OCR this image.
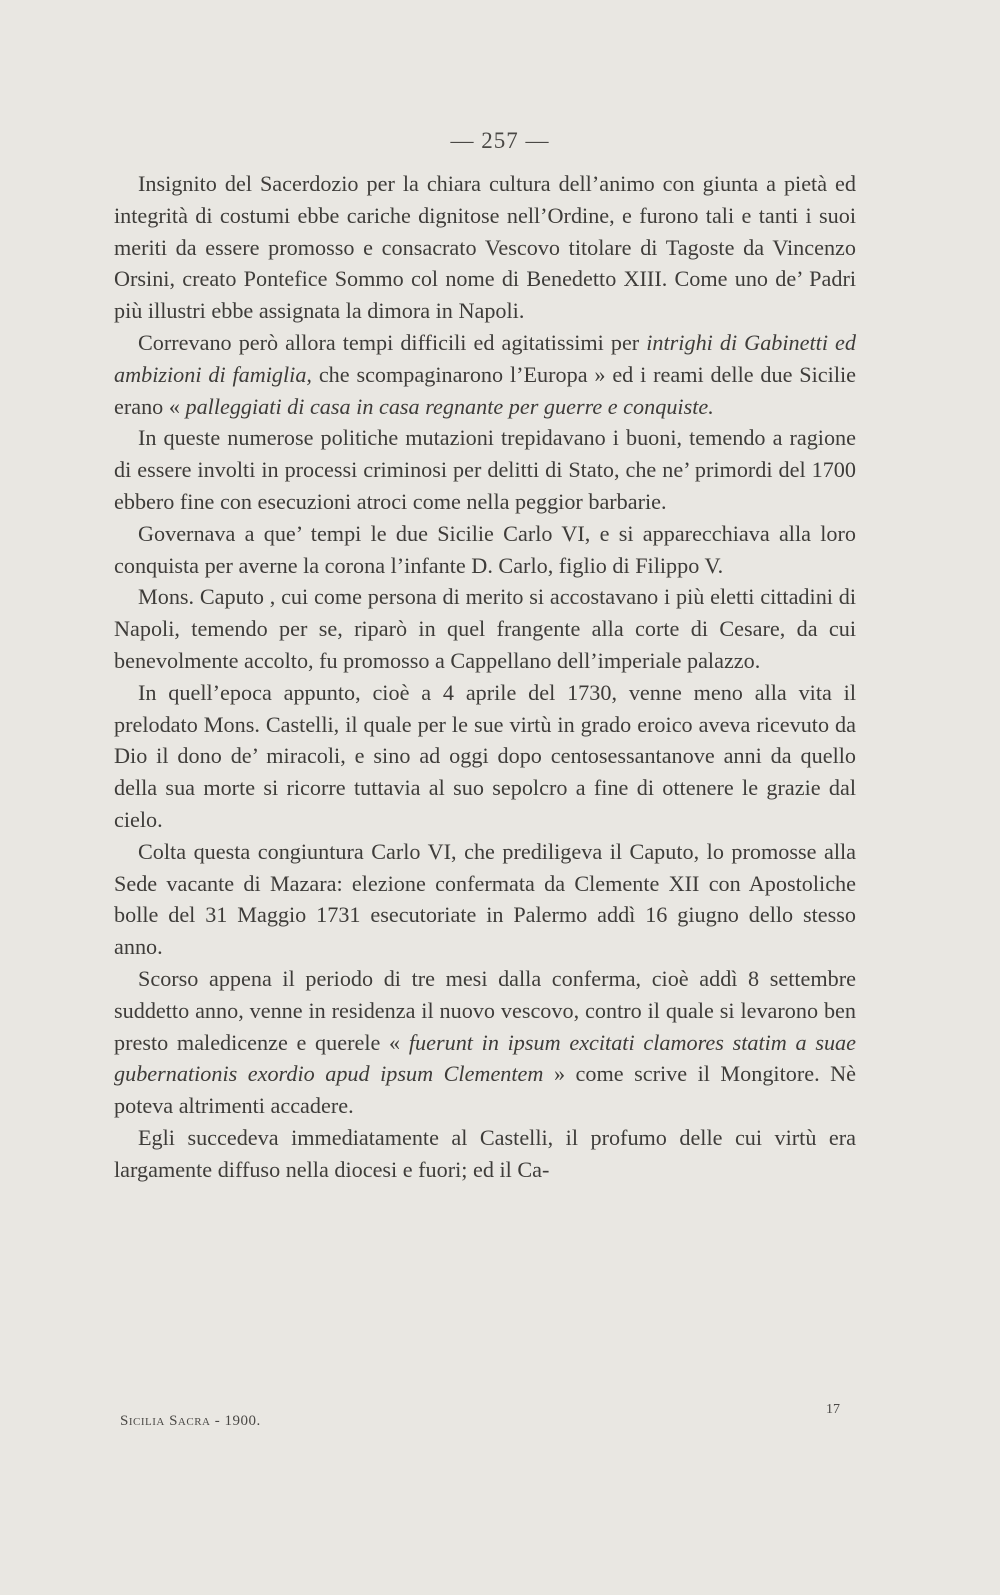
— 257 —

Insignito del Sacerdozio per la chiara cultura dell’animo con giunta a pietà ed integrità di costumi ebbe cariche dignitose nell’Ordine, e furono tali e tanti i suoi meriti da essere promosso e consacrato Vescovo titolare di Tagoste da Vincenzo Orsini, creato Pontefice Sommo col nome di Benedetto XIII. Come uno de’ Padri più illustri ebbe assignata la dimora in Napoli.

Correvano però allora tempi difficili ed agitatissimi per intrighi di Gabinetti ed ambizioni di famiglia, che scompaginarono l’Europa » ed i reami delle due Sicilie erano « palleggiati di casa in casa regnante per guerre e conquiste.

In queste numerose politiche mutazioni trepidavano i buoni, temendo a ragione di essere involti in processi criminosi per delitti di Stato, che ne’ primordi del 1700 ebbero fine con esecuzioni atroci come nella peggior barbarie.

Governava a que’ tempi le due Sicilie Carlo VI, e si apparecchiava alla loro conquista per averne la corona l’infante D. Carlo, figlio di Filippo V.

Mons. Caputo , cui come persona di merito si accostavano i più eletti cittadini di Napoli, temendo per se, riparò in quel frangente alla corte di Cesare, da cui benevolmente accolto, fu promosso a Cappellano dell’imperiale palazzo.

In quell’epoca appunto, cioè a 4 aprile del 1730, venne meno alla vita il prelodato Mons. Castelli, il quale per le sue virtù in grado eroico aveva ricevuto da Dio il dono de’ miracoli, e sino ad oggi dopo centosessantanove anni da quello della sua morte si ricorre tuttavia al suo sepolcro a fine di ottenere le grazie dal cielo.

Colta questa congiuntura Carlo VI, che prediligeva il Caputo, lo promosse alla Sede vacante di Mazara: elezione confermata da Clemente XII con Apostoliche bolle del 31 Maggio 1731 esecutoriate in Palermo addì 16 giugno dello stesso anno.

Scorso appena il periodo di tre mesi dalla conferma, cioè addì 8 settembre suddetto anno, venne in residenza il nuovo vescovo, contro il quale si levarono ben presto maledicenze e querele « fuerunt in ipsum excitati clamores statim a suae gubernationis exordio apud ipsum Clementem » come scrive il Mongitore. Nè poteva altrimenti accadere.

Egli succedeva immediatamente al Castelli, il profumo delle cui virtù era largamente diffuso nella diocesi e fuori; ed il Ca-

Sicilia Sacra - 1900.
17
